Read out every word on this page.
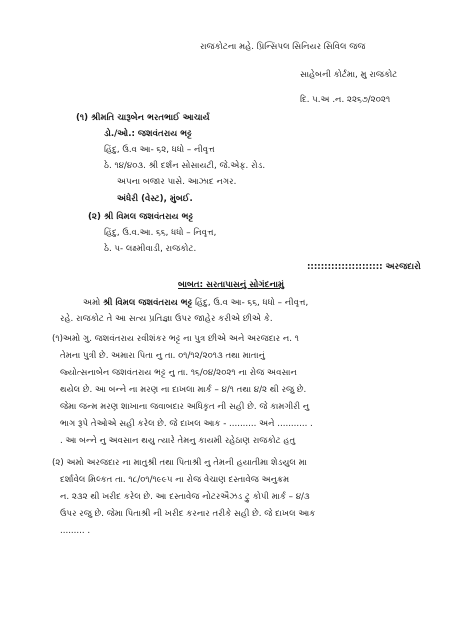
રાજકોટના મહે. પ્રિન્સિપલ સિનિયર સિવિલ જજ
સાહેબની કોર્ટમા, મુ રાજકોટ
દિ. પ.અ .ન. ૨૨૬૭/૨૦૨૧
(૧) શ્રીમતિ ચારૂબેન ભરતભાઈ આચાર્ય
ડો./ઓ.: જશવંતરાય ભટ્ટ
હિંદુ, ઉ.વ આ- ૬૨, ધધો – નીવૃત્ત
ઠે. ૧૪/૪૦૩. શ્રી દર્શન સોસાયટી, જે.એફ. રોડ.
અપના બજાર પાસે. આઝાદ નગર.
અંધેરી (વેસ્ટ), મુંબઈ.
(૨) શ્રી વિમલ જશવંતરાય ભટ્ટ
હિંદુ, ઉ.વ.આ. ૬૬, ધધો – નિવૃત્ત,
ઠે. પ- લક્ષ્મીવાડી, રાજકોટ.
:::::::::::::::::::::: અરજદારો
બાબત: સરતાપાસનું સોગંદનામું
અમો શ્રી વિમલ જશવંતરાય ભટ્ટ હિંદુ, ઉ.વ આ- ૬૬, ધધો – નીવૃત્ત,
રહે. રાજકોટ તે આ સત્ય પ્રતિજ્ઞા ઉપર જાહેર કરીએ છીએ કે.
(૧)અમો ગુ. જશવંતરાય રવીશંકર ભટ્ટ ના પુત્ર છીએ અને અરજદાર ન. ૧
તેમના પુત્રી છે. અમારા પિતા નુ તા. ૦૧/૧૨/૨૦૧૩ તથા માતાનું
જ્યોત્સનાબેન જશવંતરાય ભટ્ટ નુ તા. ૧૬/૦૪/૨૦૨૧ ના રોજ અવસાન
થયેલ છે. આ બન્ને ના મરણ ના દાખલા માર્ક – ૪/૧ તથા ૪/૨ થી રજુ છે.
જેમા જન્મ મરણ શાખાના જવાબદાર અધિકૃત ની સહી છે. જે કામગીરી નુ
ભાગ રૂપે તેઓએ સહી કરેલ છે. જે દાખલ આક - .......... અને ........... .
. આ બન્ને નુ અવસાન થયુ ત્યારે તેમનુ કાયમી રહેઠાણ રાજકોટ હતુ
(૨) અમો અરજદાર ના માતુશ્રી તથા પિતાશ્રી નુ તેમની હયાતીમા શેડયુલ મા
દર્શાવેલ મિલ્કત તા. ૧૮/૦૧/૧૯૯૫ ના રોજ વેચાણ દસ્તાવેજ અનુક્રમ
ન. ૨૩૨ થી ખરીદ કરેલ છે. આ દસ્તાવેજ નોટરઐઝડ ટ્રુ કોપી માર્ક – ૪/૩
ઉપર રજુ છે. જેમા પિતાશ્રી ની ખરીદ કરનાર તરીકે સહી છે. જે દાખલ આક
......... .
